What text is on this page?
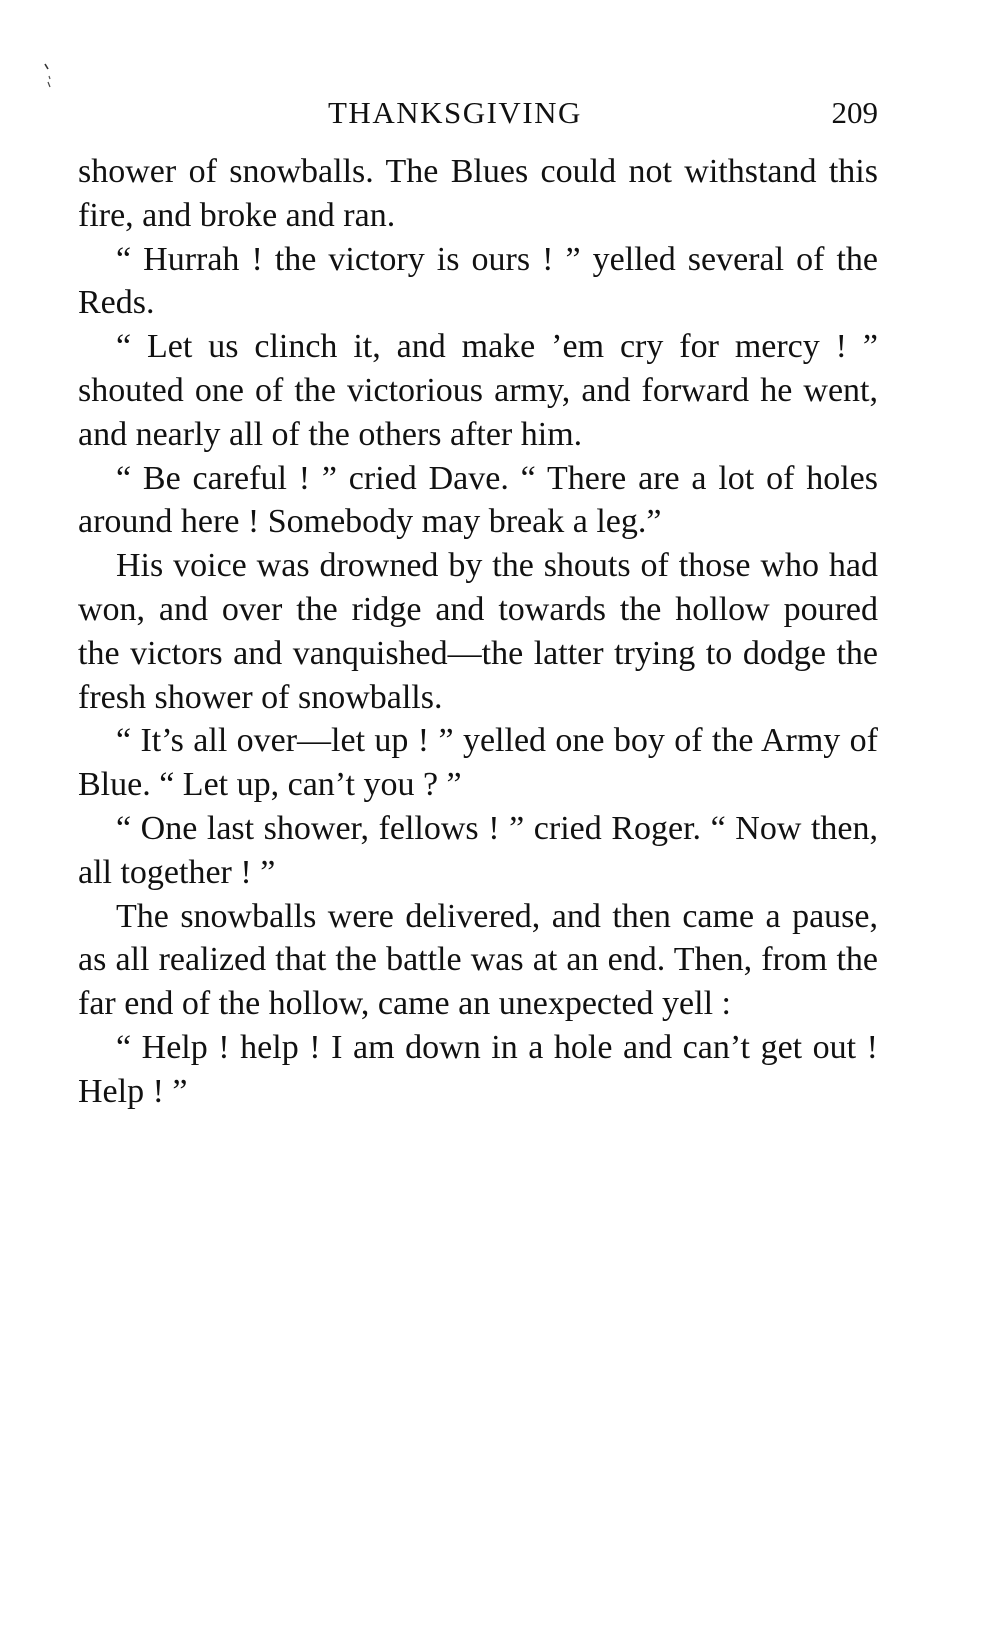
THANKSGIVING	209

shower of snowballs. The Blues could not withstand this fire, and broke and ran.

“ Hurrah ! the victory is ours ! ” yelled several of the Reds.

“ Let us clinch it, and make ’em cry for mercy ! ” shouted one of the victorious army, and forward he went, and nearly all of the others after him.

“ Be careful ! ” cried Dave. “ There are a lot of holes around here ! Somebody may break a leg.”

His voice was drowned by the shouts of those who had won, and over the ridge and towards the hollow poured the victors and vanquished—the latter trying to dodge the fresh shower of snowballs.

“ It’s all over—let up ! ” yelled one boy of the Army of Blue. “ Let up, can’t you ? ”

“ One last shower, fellows ! ” cried Roger. “ Now then, all together ! ”

The snowballs were delivered, and then came a pause, as all realized that the battle was at an end. Then, from the far end of the hollow, came an unexpected yell :

“ Help ! help ! I am down in a hole and can’t get out ! Help ! ”
